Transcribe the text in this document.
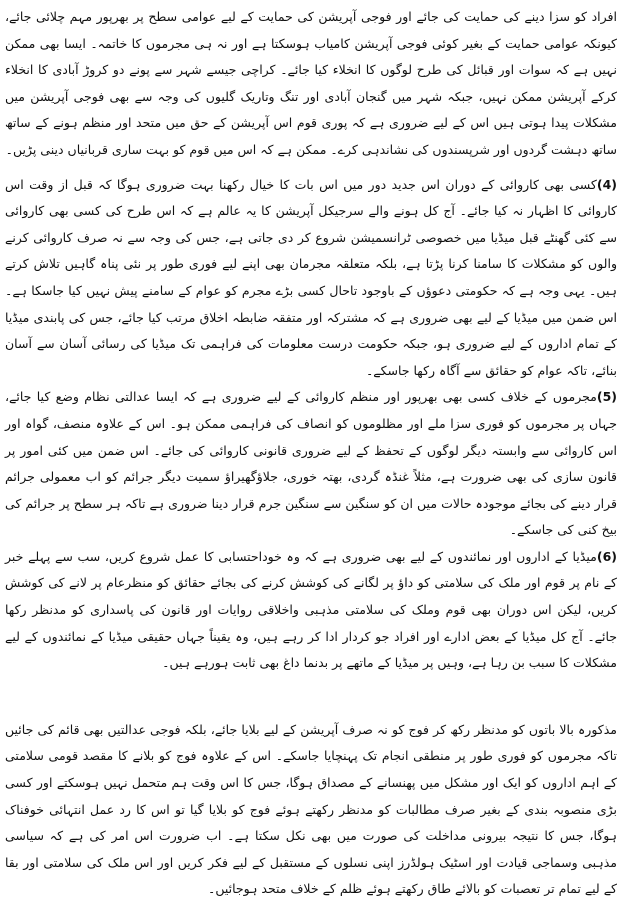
افراد کو سزا دینے کی حمایت کی جائے اور فوجی آپریشن کی حمایت کے لیے عوامی سطح پر بھرپور مہم چلائی جائے، کیونکہ عوامی حمایت کے بغیر کوئی فوجی آپریشن کامیاب ہوسکتا ہے اور نہ ہی مجرموں کا خاتمہ۔ ایسا بھی ممکن نہیں ہے کہ سوات اور قبائل کی طرح لوگوں کا انخلاء کیا جائے۔ کراچی جیسے شہر سے پونے دو کروڑ آبادی کا انخلاء کرکے آپریشن ممکن نہیں، جبکہ شہر میں گنجان آبادی اور تنگ وتاریک گلیوں کی وجہ سے بھی فوجی آپریشن میں مشکلات پیدا ہوتی ہیں اس کے لیے ضروری ہے کہ پوری قوم اس آپریشن کے حق میں متحد اور منظم ہونے کے ساتھ ساتھ دہشت گردوں اور شرپسندوں کی نشاندہی کرے۔ ممکن ہے کہ اس میں قوم کو بہت ساری قربانیاں دینی پڑیں۔

(4)کسی بھی کاروائی کے دوران اس جدید دور میں اس بات کا خیال رکھنا بہت ضروری ہوگا کہ قبل از وقت اس کاروائی کا اظہار نہ کیا جائے۔ آج کل ہونے والے سرجیکل آپریشن کا یہ عالم ہے کہ اس طرح کی کسی بھی کاروائی سے کئی گھنٹے قبل میڈیا میں خصوصی ٹرانسمیشن شروع کر دی جاتی ہے، جس کی وجہ سے نہ صرف کاروائی کرنے والوں کو مشکلات کا سامنا کرنا پڑتا ہے، بلکہ متعلقہ مجرمان بھی اپنے لیے فوری طور پر نئی پناہ گاہیں تلاش کرتے ہیں۔ یہی وجہ ہے کہ حکومتی دعوؤں کے باوجود تاحال کسی بڑے مجرم کو عوام کے سامنے پیش نہیں کیا جاسکا ہے۔ اس ضمن میں میڈیا کے لیے بھی ضروری ہے کہ مشترکہ اور متفقہ ضابطہ اخلاق مرتب کیا جائے، جس کی پابندی میڈیا کے تمام اداروں کے لیے ضروری ہو، جبکہ حکومت درست معلومات کی فراہمی تک میڈیا کی رسائی آسان سے آسان بنائے، تاکہ عوام کو حقائق سے آگاہ رکھا جاسکے۔

(5)مجرموں کے خلاف کسی بھی بھرپور اور منظم کاروائی کے لیے ضروری ہے کہ ایسا عدالتی نظام وضع کیا جائے، جہاں پر مجرموں کو فوری سزا ملے اور مظلوموں کو انصاف کی فراہمی ممکن ہو۔ اس کے علاوہ منصف، گواہ اور اس کاروائی سے وابستہ دیگر لوگوں کے تحفظ کے لیے ضروری قانونی کاروائی کی جائے۔ اس ضمن میں کئی امور پر قانون سازی کی بھی ضرورت ہے، مثلاً غنڈہ گردی، بھتہ خوری، جلاؤگھیراؤ سمیت دیگر جرائم کو اب معمولی جرائم قرار دینے کی بجائے موجودہ حالات میں ان کو سنگین سے سنگین جرم قرار دینا ضروری ہے تاکہ ہر سطح پر جرائم کی بیخ کنی کی جاسکے۔

(6)میڈیا کے اداروں اور نمائندوں کے لیے بھی ضروری ہے کہ وہ خوداحتسابی کا عمل شروع کریں، سب سے پہلے خبر کے نام پر قوم اور ملک کی سلامتی کو داؤ پر لگانے کی کوشش کرنے کی بجائے حقائق کو منظرعام پر لانے کی کوشش کریں، لیکن اس دوران بھی قوم وملک کی سلامتی مذہبی واخلاقی روایات اور قانون کی پاسداری کو مدنظر رکھا جائے۔ آج کل میڈیا کے بعض ادارے اور افراد جو کردار ادا کر رہے ہیں، وہ یقیناً جہاں حقیقی میڈیا کے نمائندوں کے لیے مشکلات کا سبب بن رہا ہے، وہیں پر میڈیا کے ماتھے پر بدنما داغ بھی ثابت ہورہے ہیں۔

مذکورہ بالا باتوں کو مدنظر رکھ کر فوج کو نہ صرف آپریشن کے لیے بلایا جائے، بلکہ فوجی عدالتیں بھی قائم کی جائیں تاکہ مجرموں کو فوری طور پر منطقی انجام تک پہنچایا جاسکے۔ اس کے علاوہ فوج کو بلانے کا مقصد قومی سلامتی کے اہم اداروں کو ایک اور مشکل میں پھنسانے کے مصداق ہوگا، جس کا اس وقت ہم متحمل نہیں ہوسکتے اور کسی بڑی منصوبہ بندی کے بغیر صرف مطالبات کو مدنظر رکھتے ہوئے فوج کو بلایا گیا تو اس کا رد عمل انتہائی خوفناک ہوگا، جس کا نتیجہ بیرونی مداخلت کی صورت میں بھی نکل سکتا ہے۔ اب ضرورت اس امر کی ہے کہ سیاسی مذہبی وسماجی قیادت اور اسٹیک ہولڈرز اپنی نسلوں کے مستقبل کے لیے فکر کریں اور اس ملک کی سلامتی اور بقا کے لیے تمام تر تعصبات کو بالائے طاق رکھتے ہوئے ظلم کے خلاف متحد ہوجائیں۔
